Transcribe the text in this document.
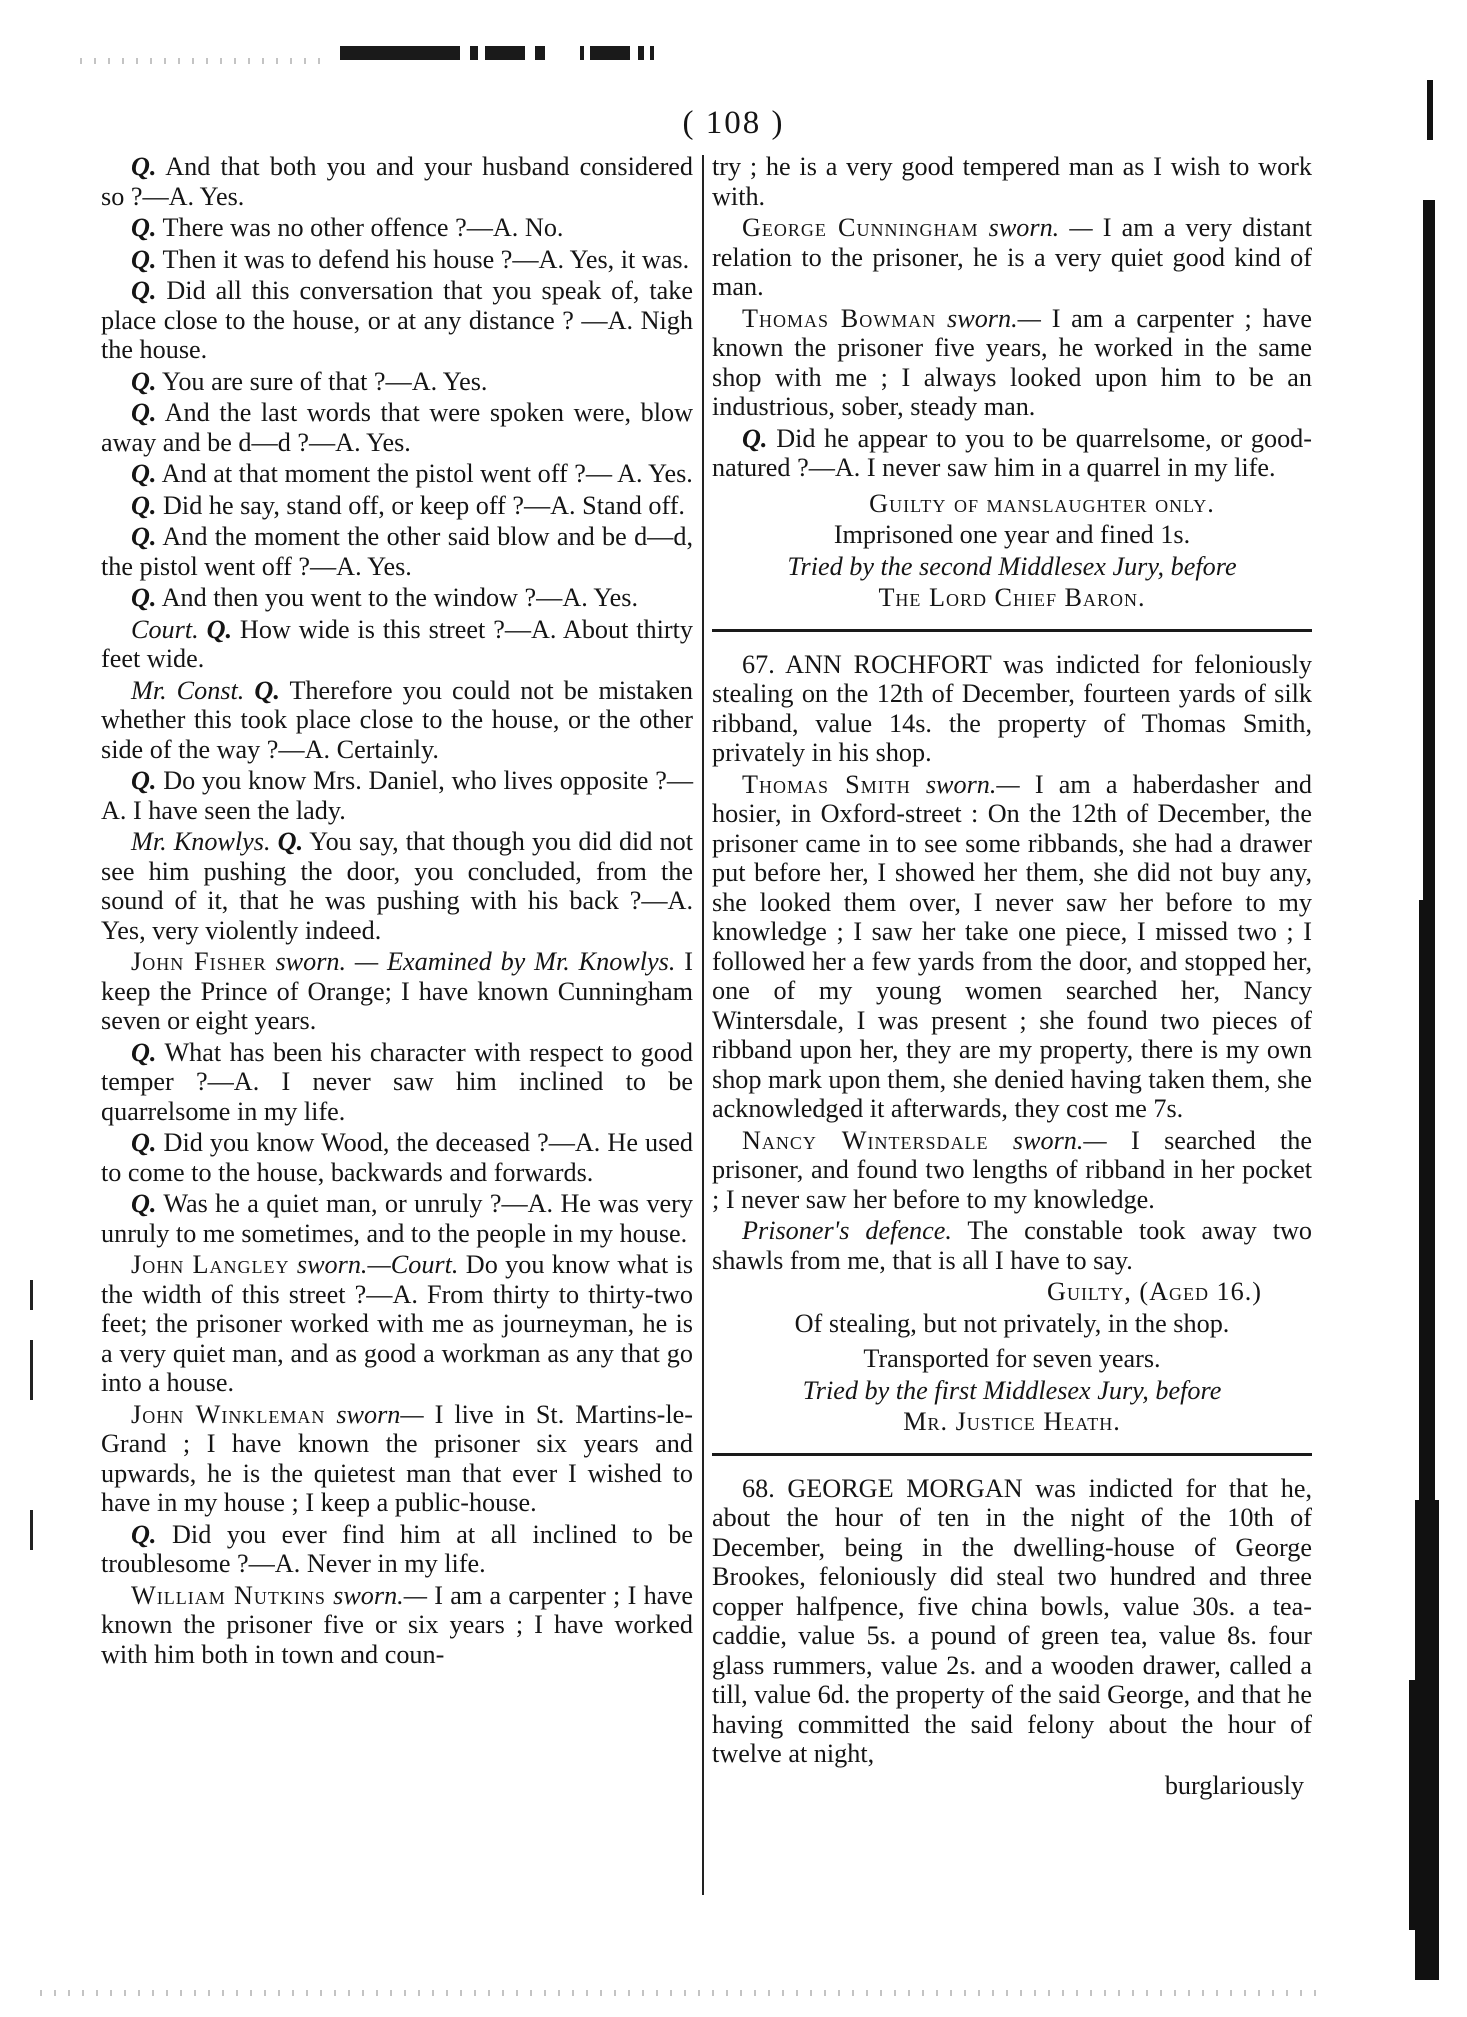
( 108 )

Q. And that both you and your husband considered so ?—A. Yes.

Q. There was no other offence ?—A. No.

Q. Then it was to defend his house ?—A. Yes, it was.

Q. Did all this conversation that you speak of, take place close to the house, or at any distance ? —A. Nigh the house.

Q. You are sure of that ?—A. Yes.

Q. And the last words that were spoken were, blow away and be d—d ?—A. Yes.

Q. And at that moment the pistol went off ?— A. Yes.

Q. Did he say, stand off, or keep off ?—A. Stand off.

Q. And the moment the other said blow and be d—d, the pistol went off ?—A. Yes.

Q. And then you went to the window ?—A. Yes.

Court. Q. How wide is this street ?—A. About thirty feet wide.

Mr. Const. Q. Therefore you could not be mistaken whether this took place close to the house, or the other side of the way ?—A. Certainly.

Q. Do you know Mrs. Daniel, who lives opposite ?—A. I have seen the lady.

Mr. Knowlys. Q. You say, that though you did did not see him pushing the door, you concluded, from the sound of it, that he was pushing with his back ?—A. Yes, very violently indeed.

John Fisher sworn. — Examined by Mr. Knowlys. I keep the Prince of Orange; I have known Cunningham seven or eight years.

Q. What has been his character with respect to good temper ?—A. I never saw him inclined to be quarrelsome in my life.

Q. Did you know Wood, the deceased ?—A. He used to come to the house, backwards and forwards.

Q. Was he a quiet man, or unruly ?—A. He was very unruly to me sometimes, and to the people in my house.

John Langley sworn.—Court. Do you know what is the width of this street ?—A. From thirty to thirty-two feet; the prisoner worked with me as journeyman, he is a very quiet man, and as good a workman as any that go into a house.

John Winkleman sworn— I live in St. Martins-le-Grand ; I have known the prisoner six years and upwards, he is the quietest man that ever I wished to have in my house ; I keep a public-house.

Q. Did you ever find him at all inclined to be troublesome ?—A. Never in my life.

William Nutkins sworn.— I am a carpenter ; I have known the prisoner five or six years ; I have worked with him both in town and coun-

try ; he is a very good tempered man as I wish to work with.

George Cunningham sworn. — I am a very distant relation to the prisoner, he is a very quiet good kind of man.

Thomas Bowman sworn.— I am a carpenter ; have known the prisoner five years, he worked in the same shop with me ; I always looked upon him to be an industrious, sober, steady man.

Q. Did he appear to you to be quarrelsome, or good-natured ?—A. I never saw him in a quarrel in my life.

Guilty of manslaughter only.

Imprisoned one year and fined 1s.

Tried by the second Middlesex Jury, before

The Lord Chief Baron.

67. ANN ROCHFORT was indicted for feloniously stealing on the 12th of December, fourteen yards of silk ribband, value 14s. the property of Thomas Smith, privately in his shop.

Thomas Smith sworn.— I am a haberdasher and hosier, in Oxford-street : On the 12th of December, the prisoner came in to see some ribbands, she had a drawer put before her, I showed her them, she did not buy any, she looked them over, I never saw her before to my knowledge ; I saw her take one piece, I missed two ; I followed her a few yards from the door, and stopped her, one of my young women searched her, Nancy Wintersdale, I was present ; she found two pieces of ribband upon her, they are my property, there is my own shop mark upon them, she denied having taken them, she acknowledged it afterwards, they cost me 7s.

Nancy Wintersdale sworn.— I searched the prisoner, and found two lengths of ribband in her pocket ; I never saw her before to my knowledge.

Prisoner's defence. The constable took away two shawls from me, that is all I have to say.

Guilty, (Aged 16.)

Of stealing, but not privately, in the shop.

Transported for seven years.

Tried by the first Middlesex Jury, before

Mr. Justice Heath.

68. GEORGE MORGAN was indicted for that he, about the hour of ten in the night of the 10th of December, being in the dwelling-house of George Brookes, feloniously did steal two hundred and three copper halfpence, five china bowls, value 30s. a tea-caddie, value 5s. a pound of green tea, value 8s. four glass rummers, value 2s. and a wooden drawer, called a till, value 6d. the property of the said George, and that he having committed the said felony about the hour of twelve at night,

burglariously
